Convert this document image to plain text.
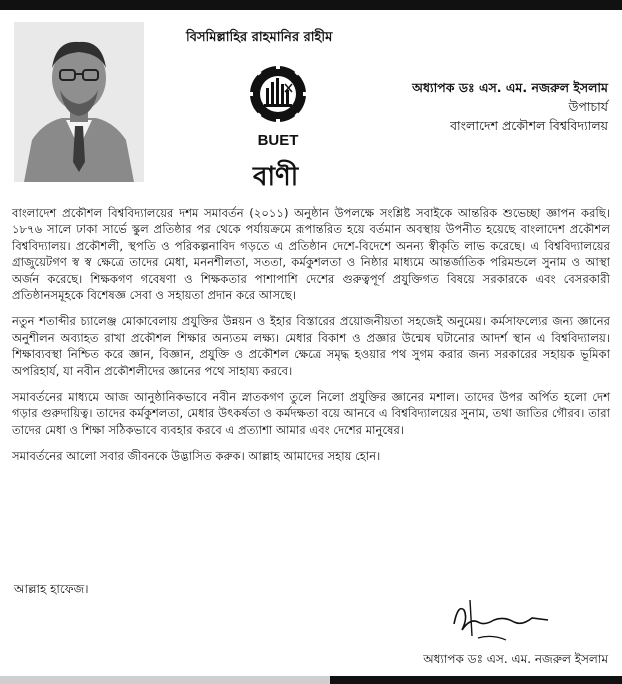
বিসমিল্লাহির রাহমানির রাহীম
BUET
অধ্যাপক ডঃ এস. এম. নজরুল ইসলাম
উপাচার্য
বাংলাদেশ প্রকৌশল বিশ্ববিদ্যালয়
বাণী

বাংলাদেশ প্রকৌশল বিশ্ববিদ্যালয়ের দশম সমাবর্তন (২০১১) অনুষ্ঠান উপলক্ষে সংশ্লিষ্ট সবাইকে আন্তরিক শুভেচ্ছা জ্ঞাপন করছি। ১৮৭৬ সালে ঢাকা সার্ভে স্কুল প্রতিষ্ঠার পর থেকে পর্যায়ক্রমে রূপান্তরিত হয়ে বর্তমান অবস্থায় উপনীত হয়েছে বাংলাদেশ প্রকৌশল বিশ্ববিদ্যালয়। প্রকৌশলী, স্থপতি ও পরিকল্পনাবিদ গড়তে এ প্রতিষ্ঠান দেশে-বিদেশে অনন্য স্বীকৃতি লাভ করেছে। এ বিশ্ববিদ্যালয়ের গ্রাজুয়েটগণ স্ব স্ব ক্ষেত্রে তাদের মেধা, মননশীলতা, সততা, কর্মকুশলতা ও নিষ্ঠার মাধ্যমে আন্তর্জাতিক পরিমন্ডলে সুনাম ও আস্থা অর্জন করেছে। শিক্ষকগণ গবেষণা ও শিক্ষকতার পাশাপাশি দেশের গুরুত্বপূর্ণ প্রযুক্তিগত বিষয়ে সরকারকে এবং বেসরকারী প্রতিষ্ঠানসমূহকে বিশেষজ্ঞ সেবা ও সহায়তা প্রদান করে আসছে।

নতুন শতাব্দীর চ্যালেঞ্জ মোকাবেলায় প্রযুক্তির উন্নয়ন ও ইহার বিস্তারের প্রয়োজনীয়তা সহজেই অনুমেয়। কর্মসাফল্যের জন্য জ্ঞানের অনুশীলন অব্যাহত রাখা প্রকৌশল শিক্ষার অন্যতম লক্ষ্য। মেধার বিকাশ ও প্রজ্ঞার উন্মেষ ঘটানোর আদর্শ স্থান এ বিশ্ববিদ্যালয়। শিক্ষাব্যবস্থা নিশ্চিত করে জ্ঞান, বিজ্ঞান, প্রযুক্তি ও প্রকৌশল ক্ষেত্রে সমৃদ্ধ হওয়ার পথ সুগম করার জন্য সরকারের সহায়ক ভূমিকা অপরিহার্য, যা নবীন প্রকৌশলীদের জ্ঞানের পথে সাহায্য করবে।

সমাবর্তনের মাধ্যমে আজ আনুষ্ঠানিকভাবে নবীন স্নাতকগণ তুলে নিলো প্রযুক্তির জ্ঞানের মশাল। তাদের উপর অর্পিত হলো দেশ গড়ার গুরুদায়িত্ব। তাদের কর্মকুশলতা, মেধার উৎকর্ষতা ও কর্মদক্ষতা বয়ে আনবে এ বিশ্ববিদ্যালয়ের সুনাম, তথা জাতির গৌরব। তারা তাদের মেধা ও শিক্ষা সঠিকভাবে ব্যবহার করবে এ প্রত্যাশা আমার এবং দেশের মানুষের।

সমাবর্তনের আলো সবার জীবনকে উদ্ভাসিত করুক। আল্লাহ আমাদের সহায় হোন।

আল্লাহ হাফেজ।
অধ্যাপক ডঃ এস. এম. নজরুল ইসলাম
